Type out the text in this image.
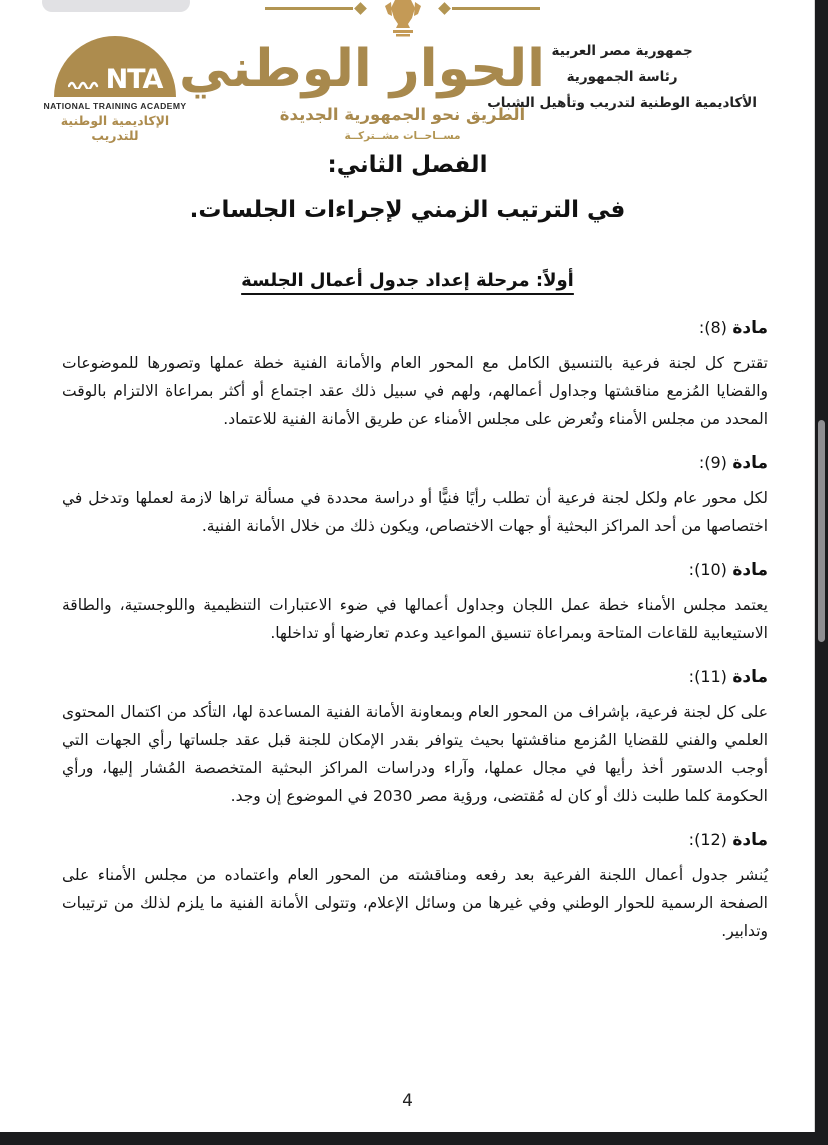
NTA
NATIONAL TRAINING ACADEMY
الإكاديمية الوطنية للتدريب
الحوار الوطني
الطريق نحو الجمهورية الجديدة
مســاحــات مشــتركــة
جمهورية مصر العربية
رئاسة الجمهورية
الأكاديمية الوطنية لتدريب وتأهيل الشباب
الفصل الثاني:
في الترتيب الزمني لإجراءات الجلسات.
أولاً: مرحلة إعداد جدول أعمال الجلسة
مادة (8):

تقترح كل لجنة فرعية بالتنسيق الكامل مع المحور العام والأمانة الفنية خطة عملها وتصورها للموضوعات والقضايا المُزمع مناقشتها وجداول أعمالهم، ولهم في سبيل ذلك عقد اجتماع أو أكثر بمراعاة الالتزام بالوقت المحدد من مجلس الأمناء وتُعرض على مجلس الأمناء عن طريق الأمانة الفنية للاعتماد.

مادة (9):

لكل محور عام ولكل لجنة فرعية أن تطلب رأيًا فنيًّا أو دراسة محددة في مسألة تراها لازمة لعملها وتدخل في اختصاصها من أحد المراكز البحثية أو جهات الاختصاص، ويكون ذلك من خلال الأمانة الفنية.

مادة (10):

يعتمد مجلس الأمناء خطة عمل اللجان وجداول أعمالها في ضوء الاعتبارات التنظيمية واللوجستية، والطاقة الاستيعابية للقاعات المتاحة وبمراعاة تنسيق المواعيد وعدم تعارضها أو تداخلها.

مادة (11):

على كل لجنة فرعية، بإشراف من المحور العام وبمعاونة الأمانة الفنية المساعدة لها، التأكد من اكتمال المحتوى العلمي والفني للقضايا المُزمع مناقشتها بحيث يتوافر بقدر الإمكان للجنة قبل عقد جلساتها رأي الجهات التي أوجب الدستور أخذ رأيها في مجال عملها، وآراء ودراسات المراكز البحثية المتخصصة المُشار إليها، ورأي الحكومة كلما طلبت ذلك أو كان له مُقتضى، ورؤية مصر 2030 في الموضوع إن وجد.

مادة (12):

يُنشر جدول أعمال اللجنة الفرعية بعد رفعه ومناقشته من المحور العام واعتماده من مجلس الأمناء على الصفحة الرسمية للحوار الوطني وفي غيرها من وسائل الإعلام، وتتولى الأمانة الفنية ما يلزم لذلك من ترتيبات وتدابير.

4
